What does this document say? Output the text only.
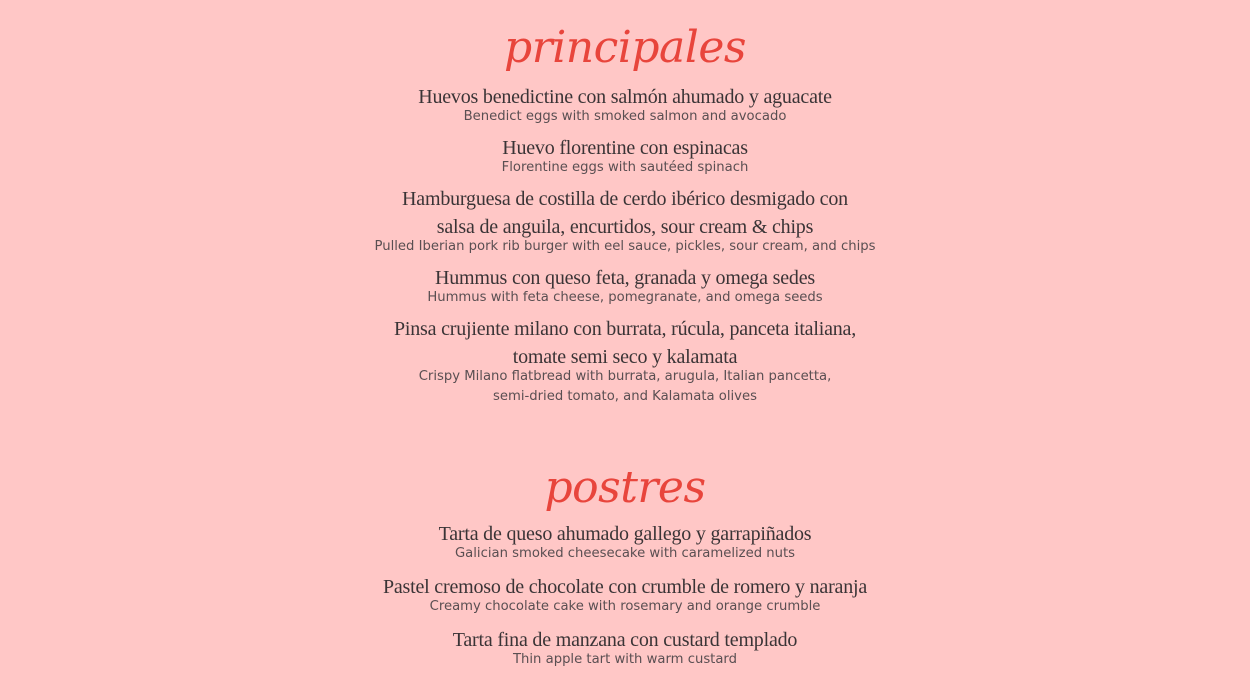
principales
Huevos benedictine con salmón ahumado y aguacate
Benedict eggs with smoked salmon and avocado
Huevo florentine con espinacas
Florentine eggs with sautéed spinach
Hamburguesa de costilla de cerdo ibérico desmigado con
salsa de anguila, encurtidos, sour cream & chips
Pulled Iberian pork rib burger with eel sauce, pickles, sour cream, and chips
Hummus con queso feta, granada y omega sedes
Hummus with feta cheese, pomegranate, and omega seeds
Pinsa crujiente milano con burrata, rúcula, panceta italiana,
tomate semi seco y kalamata
Crispy Milano flatbread with burrata, arugula, Italian pancetta,
semi-dried tomato, and Kalamata olives
postres
Tarta de queso ahumado gallego y garrapiñados
Galician smoked cheesecake with caramelized nuts
Pastel cremoso de chocolate con crumble de romero y naranja
Creamy chocolate cake with rosemary and orange crumble
Tarta fina de manzana con custard templado
Thin apple tart with warm custard
